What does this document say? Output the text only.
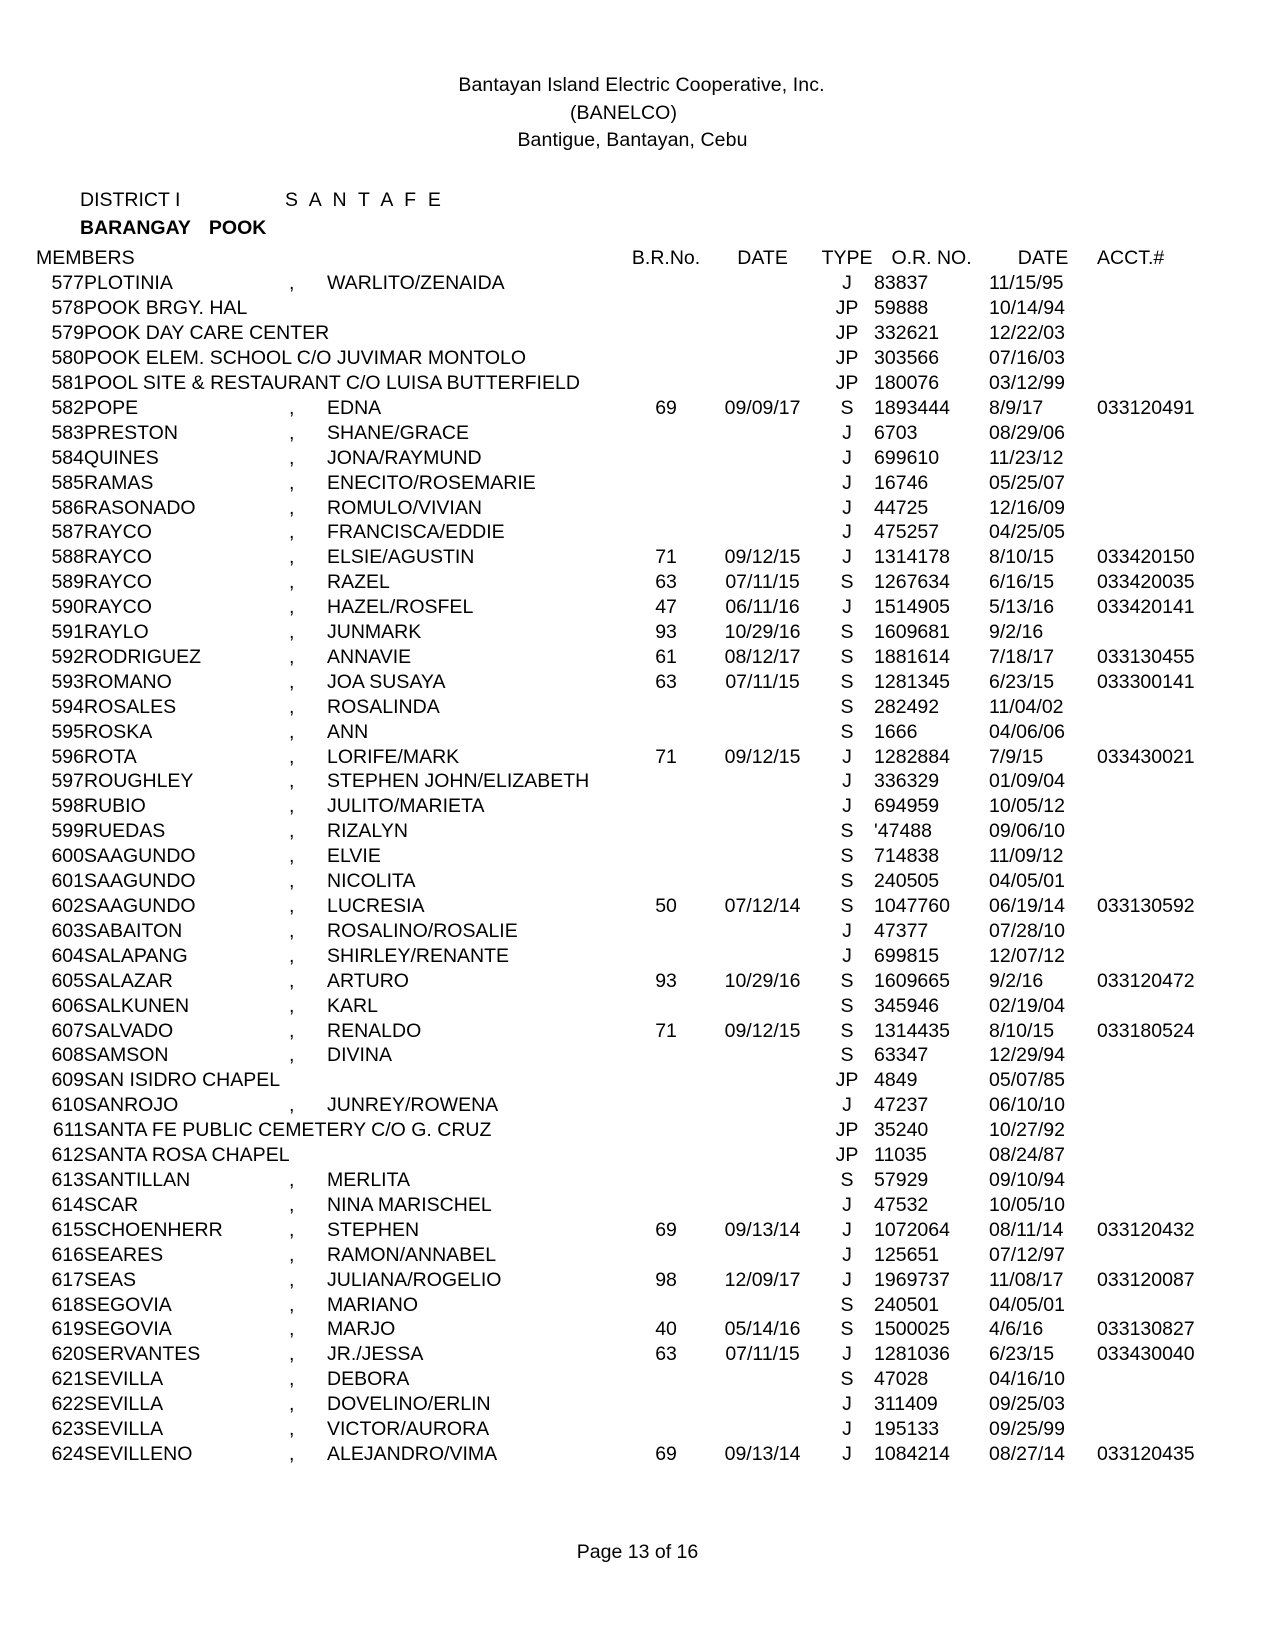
Bantayan Island Electric Cooperative, Inc.
(BANELCO)
Bantigue, Bantayan, Cebu
DISTRICT I	S A N T A F E
BARANGAY POOK
MEMBERS				B.R.No.	DATE	TYPE	O.R. NO.	DATE	ACCT.#
577	PLOTINIA	,	WARLITO/ZENAIDA			J	83837	11/15/95	
578	POOK BRGY. HAL					JP	59888	10/14/94	
579	POOK DAY CARE CENTER					JP	332621	12/22/03	
580	POOK ELEM. SCHOOL C/O JUVIMAR MONTOLO					JP	303566	07/16/03	
581	POOL SITE & RESTAURANT C/O LUISA BUTTERFIELD					JP	180076	03/12/99	
582	POPE	,	EDNA	69	09/09/17	S	1893444	8/9/17	033120491
583	PRESTON	,	SHANE/GRACE			J	6703	08/29/06	
584	QUINES	,	JONA/RAYMUND			J	699610	11/23/12	
585	RAMAS	,	ENECITO/ROSEMARIE			J	16746	05/25/07	
586	RASONADO	,	ROMULO/VIVIAN			J	44725	12/16/09	
587	RAYCO	,	FRANCISCA/EDDIE			J	475257	04/25/05	
588	RAYCO	,	ELSIE/AGUSTIN	71	09/12/15	J	1314178	8/10/15	033420150
589	RAYCO	,	RAZEL	63	07/11/15	S	1267634	6/16/15	033420035
590	RAYCO	,	HAZEL/ROSFEL	47	06/11/16	J	1514905	5/13/16	033420141
591	RAYLO	,	JUNMARK	93	10/29/16	S	1609681	9/2/16	
592	RODRIGUEZ	,	ANNAVIE	61	08/12/17	S	1881614	7/18/17	033130455
593	ROMANO	,	JOA SUSAYA	63	07/11/15	S	1281345	6/23/15	033300141
594	ROSALES	,	ROSALINDA			S	282492	11/04/02	
595	ROSKA	,	ANN			S	1666	04/06/06	
596	ROTA	,	LORIFE/MARK	71	09/12/15	J	1282884	7/9/15	033430021
597	ROUGHLEY	,	STEPHEN JOHN/ELIZABETH			J	336329	01/09/04	
598	RUBIO	,	JULITO/MARIETA			J	694959	10/05/12	
599	RUEDAS	,	RIZALYN			S	'47488	09/06/10	
600	SAAGUNDO	,	ELVIE			S	714838	11/09/12	
601	SAAGUNDO	,	NICOLITA			S	240505	04/05/01	
602	SAAGUNDO	,	LUCRESIA	50	07/12/14	S	1047760	06/19/14	033130592
603	SABAITON	,	ROSALINO/ROSALIE			J	47377	07/28/10	
604	SALAPANG	,	SHIRLEY/RENANTE			J	699815	12/07/12	
605	SALAZAR	,	ARTURO	93	10/29/16	S	1609665	9/2/16	033120472
606	SALKUNEN	,	KARL			S	345946	02/19/04	
607	SALVADO	,	RENALDO	71	09/12/15	S	1314435	8/10/15	033180524
608	SAMSON	,	DIVINA			S	63347	12/29/94	
609	SAN ISIDRO CHAPEL					JP	4849	05/07/85	
610	SANROJO	,	JUNREY/ROWENA			J	47237	06/10/10	
611	SANTA FE PUBLIC CEMETERY C/O G. CRUZ					JP	35240	10/27/92	
612	SANTA ROSA CHAPEL					JP	11035	08/24/87	
613	SANTILLAN	,	MERLITA			S	57929	09/10/94	
614	SCAR	,	NINA MARISCHEL			J	47532	10/05/10	
615	SCHOENHERR	,	STEPHEN	69	09/13/14	J	1072064	08/11/14	033120432
616	SEARES	,	RAMON/ANNABEL			J	125651	07/12/97	
617	SEAS	,	JULIANA/ROGELIO	98	12/09/17	J	1969737	11/08/17	033120087
618	SEGOVIA	,	MARIANO			S	240501	04/05/01	
619	SEGOVIA	,	MARJO	40	05/14/16	S	1500025	4/6/16	033130827
620	SERVANTES	,	JR./JESSA	63	07/11/15	J	1281036	6/23/15	033430040
621	SEVILLA	,	DEBORA			S	47028	04/16/10	
622	SEVILLA	,	DOVELINO/ERLIN			J	311409	09/25/03	
623	SEVILLA	,	VICTOR/AURORA			J	195133	09/25/99	
624	SEVILLENO	,	ALEJANDRO/VIMA	69	09/13/14	J	1084214	08/27/14	033120435
Page 13 of 16
